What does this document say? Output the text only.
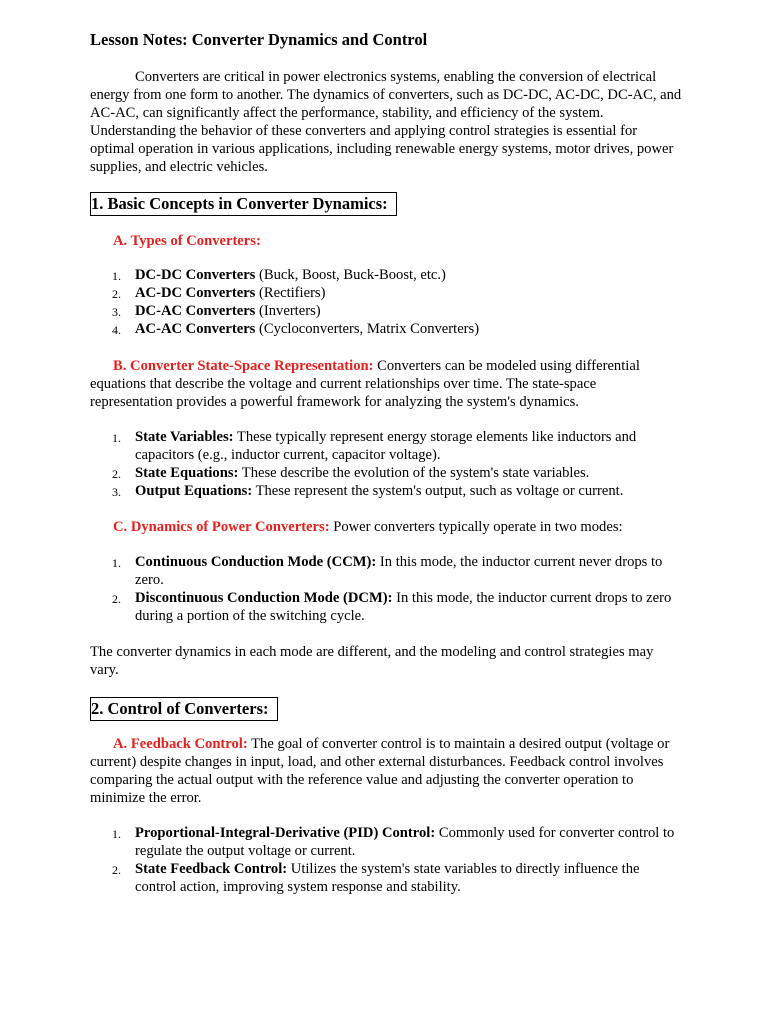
Lesson Notes: Converter Dynamics and Control

Converters are critical in power electronics systems, enabling the conversion of electrical energy from one form to another. The dynamics of converters, such as DC-DC, AC-DC, DC-AC, and AC-AC, can significantly affect the performance, stability, and efficiency of the system. Understanding the behavior of these converters and applying control strategies is essential for optimal operation in various applications, including renewable energy systems, motor drives, power supplies, and electric vehicles.

1. Basic Concepts in Converter Dynamics:

A. Types of Converters:

1. DC-DC Converters (Buck, Boost, Buck-Boost, etc.)
2. AC-DC Converters (Rectifiers)
3. DC-AC Converters (Inverters)
4. AC-AC Converters (Cycloconverters, Matrix Converters)

B. Converter State-Space Representation: Converters can be modeled using differential equations that describe the voltage and current relationships over time. The state-space representation provides a powerful framework for analyzing the system's dynamics.

1. State Variables: These typically represent energy storage elements like inductors and capacitors (e.g., inductor current, capacitor voltage).
2. State Equations: These describe the evolution of the system's state variables.
3. Output Equations: These represent the system's output, such as voltage or current.

C. Dynamics of Power Converters: Power converters typically operate in two modes:

1. Continuous Conduction Mode (CCM): In this mode, the inductor current never drops to zero.
2. Discontinuous Conduction Mode (DCM): In this mode, the inductor current drops to zero during a portion of the switching cycle.

The converter dynamics in each mode are different, and the modeling and control strategies may vary.

2. Control of Converters:

A. Feedback Control: The goal of converter control is to maintain a desired output (voltage or current) despite changes in input, load, and other external disturbances. Feedback control involves comparing the actual output with the reference value and adjusting the converter operation to minimize the error.

1. Proportional-Integral-Derivative (PID) Control: Commonly used for converter control to regulate the output voltage or current.
2. State Feedback Control: Utilizes the system's state variables to directly influence the control action, improving system response and stability.
